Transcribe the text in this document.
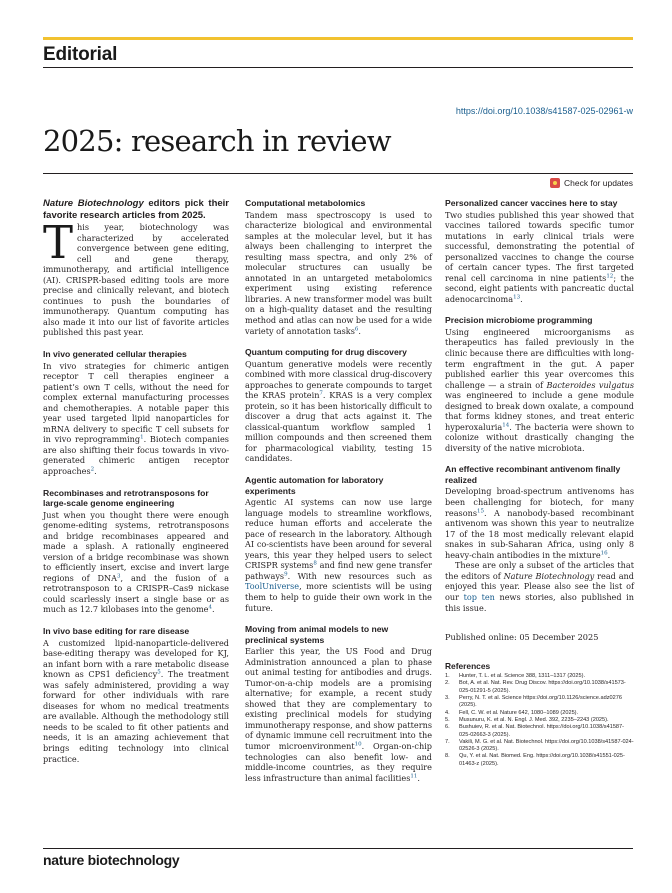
Editorial
https://doi.org/10.1038/s41587-025-02961-w
2025: research in review
Check for updates

Nature Biotechnology editors pick their favorite research articles from 2025.

T his year, biotechnology was characterized by accelerated convergence between gene editing, cell and gene therapy, immunotherapy, and artificial intelligence (AI). CRISPR-based editing tools are more precise and clinically relevant, and biotech continues to push the boundaries of immunotherapy. Quantum computing has also made it into our list of favorite articles published this past year.

In vivo generated cellular therapies

In vivo strategies for chimeric antigen receptor T cell therapies engineer a patient’s own T cells, without the need for complex external manufacturing processes and chemotherapies. A notable paper this year used targeted lipid nanoparticles for mRNA delivery to specific T cell subsets for in vivo reprogramming$^1$. Biotech companies are also shifting their focus towards in vivo-generated chimeric antigen receptor approaches$^2$.

Recombinases and retrotransposons for large-scale genome engineering

Just when you thought there were enough genome-editing systems, retrotransposons and bridge recombinases appeared and made a splash. A rationally engineered version of a bridge recombinase was shown to efficiently insert, excise and invert large regions of DNA$^3$, and the fusion of a retrotransposon to a CRISPR–Cas9 nickase could scarlessly insert a single base or as much as 12.7 kilobases into the genome$^4$.

In vivo base editing for rare disease

A customized lipid-nanoparticle-delivered base-editing therapy was developed for KJ, an infant born with a rare metabolic disease known as CPS1 deficiency$^5$. The treatment was safely administered, providing a way forward for other individuals with rare diseases for whom no medical treatments are available. Although the methodology still needs to be scaled to fit other patients and needs, it is an amazing achievement that brings editing technology into clinical practice.

Computational metabolomics

Tandem mass spectroscopy is used to characterize biological and environmental samples at the molecular level, but it has always been challenging to interpret the resulting mass spectra, and only 2% of molecular structures can usually be annotated in an untargeted metabolomics experiment using existing reference libraries. A new transformer model was built on a high-quality dataset and the resulting method and atlas can now be used for a wide variety of annotation tasks$^6$.

Quantum computing for drug discovery

Quantum generative models were recently combined with more classical drug-discovery approaches to generate compounds to target the KRAS protein$^7$. KRAS is a very complex protein, so it has been historically difficult to discover a drug that acts against it. The classical-quantum workflow sampled 1 million compounds and then screened them for pharmacological viability, testing 15 candidates.

Agentic automation for laboratory experiments

Agentic AI systems can now use large language models to streamline workflows, reduce human efforts and accelerate the pace of research in the laboratory. Although AI co-scientists have been around for several years, this year they helped users to select CRISPR systems$^8$ and find new gene transfer pathways$^9$. With new resources such as ToolUniverse, more scientists will be using them to help to guide their own work in the future.

Moving from animal models to new preclinical systems

Earlier this year, the US Food and Drug Administration announced a plan to phase out animal testing for antibodies and drugs. Tumor-on-a-chip models are a promising alternative; for example, a recent study showed that they are complementary to existing preclinical models for studying immunotherapy response, and show patterns of dynamic immune cell recruitment into the tumor microenvironment$^{10}$. Organ-on-chip technologies can also benefit low- and middle-income countries, as they require less infrastructure than animal facilities$^{11}$.

Personalized cancer vaccines here to stay

Two studies published this year showed that vaccines tailored towards specific tumor mutations in early clinical trials were successful, demonstrating the potential of personalized vaccines to change the course of certain cancer types. The first targeted renal cell carcinoma in nine patients$^{12}$; the second, eight patients with pancreatic ductal adenocarcinoma$^{13}$.

Precision microbiome programming

Using engineered microorganisms as therapeutics has failed previously in the clinic because there are difficulties with long-term engraftment in the gut. A paper published earlier this year overcomes this challenge — a strain of Bacteroides vulgatus was engineered to include a gene module designed to break down oxalate, a compound that forms kidney stones, and treat enteric hyperoxaluria$^{14}$. The bacteria were shown to colonize without drastically changing the diversity of the native microbiota.

An effective recombinant antivenom finally realized

Developing broad-spectrum antivenoms has been challenging for biotech, for many reasons$^{15}$. A nanobody-based recombinant antivenom was shown this year to neutralize 17 of the 18 most medically relevant elapid snakes in sub-Saharan Africa, using only 8 heavy-chain antibodies in the mixture$^{16}$.

These are only a subset of the articles that the editors of Nature Biotechnology read and enjoyed this year. Please also see the list of our top ten news stories, also published in this issue.

Published online: 05 December 2025
References
1.	Hunter, T. L. et al. Science 388, 1311–1317 (2025).
2.	Bot, A. et al. Nat. Rev. Drug Discov. https://doi.org/10.1038/s41573-025-01291-5 (2025).
3.	Perry, N. T. et al. Science https://doi.org/10.1126/science.adz0276 (2025).
4.	Fell, C. W. et al. Nature 642, 1080–1089 (2025).
5.	Musunuru, K. et al. N. Engl. J. Med. 392, 2235–2243 (2025).
6.	Bushuiev, R. et al. Nat. Biotechnol. https://doi.org/10.1038/s41587-025-02663-3 (2025).
7.	Vakili, M. G. et al. Nat. Biotechnol. https://doi.org/10.1038/s41587-024-02526-3 (2025).
8.	Qu, Y. et al. Nat. Biomed. Eng. https://doi.org/10.1038/s41551-025-01463-z (2025).
nature biotechnology
